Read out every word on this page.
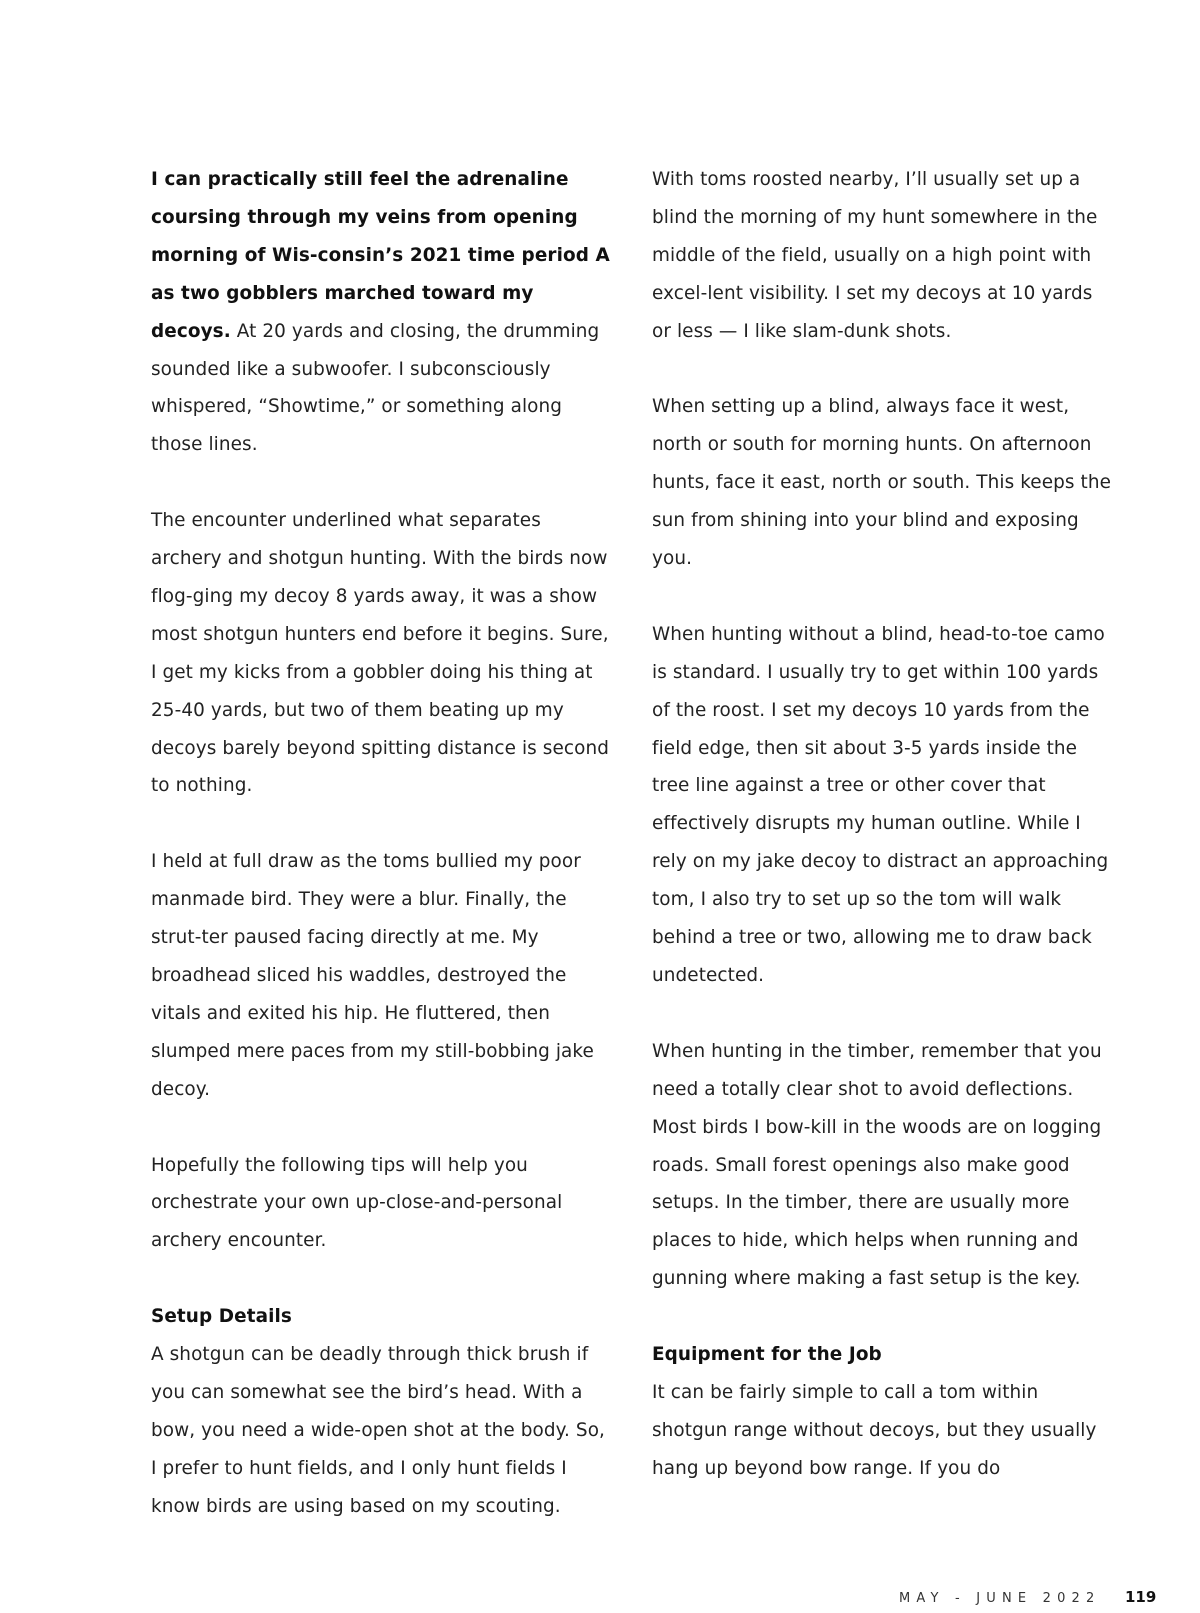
I can practically still feel the adrenaline coursing through my veins from opening morning of Wis-consin’s 2021 time period A as two gobblers marched toward my decoys. At 20 yards and closing, the drumming sounded like a subwoofer. I subconsciously whispered, “Showtime,” or something along those lines.

The encounter underlined what separates archery and shotgun hunting. With the birds now flog-ging my decoy 8 yards away, it was a show most shotgun hunters end before it begins. Sure, I get my kicks from a gobbler doing his thing at 25-40 yards, but two of them beating up my decoys barely beyond spitting distance is second to nothing.

I held at full draw as the toms bullied my poor manmade bird. They were a blur. Finally, the strut-ter paused facing directly at me. My broadhead sliced his waddles, destroyed the vitals and exited his hip. He fluttered, then slumped mere paces from my still-bobbing jake decoy.

Hopefully the following tips will help you orchestrate your own up-close-and-personal archery encounter.

Setup Details
A shotgun can be deadly through thick brush if you can somewhat see the bird’s head. With a bow, you need a wide-open shot at the body. So, I prefer to hunt fields, and I only hunt fields I know birds are using based on my scouting.

With toms roosted nearby, I’ll usually set up a blind the morning of my hunt somewhere in the middle of the field, usually on a high point with excel-lent visibility. I set my decoys at 10 yards or less — I like slam-dunk shots.

When setting up a blind, always face it west, north or south for morning hunts. On afternoon hunts, face it east, north or south. This keeps the sun from shining into your blind and exposing you.

When hunting without a blind, head-to-toe camo is standard. I usually try to get within 100 yards of the roost. I set my decoys 10 yards from the field edge, then sit about 3-5 yards inside the tree line against a tree or other cover that effectively disrupts my human outline. While I rely on my jake decoy to distract an approaching tom, I also try to set up so the tom will walk behind a tree or two, allowing me to draw back undetected.

When hunting in the timber, remember that you need a totally clear shot to avoid deflections. Most birds I bow-kill in the woods are on logging roads. Small forest openings also make good setups. In the timber, there are usually more places to hide, which helps when running and gunning where making a fast setup is the key.

Equipment for the Job
It can be fairly simple to call a tom within shotgun range without decoys, but they usually hang up beyond bow range. If you do

MAY - JUNE 2022 119
